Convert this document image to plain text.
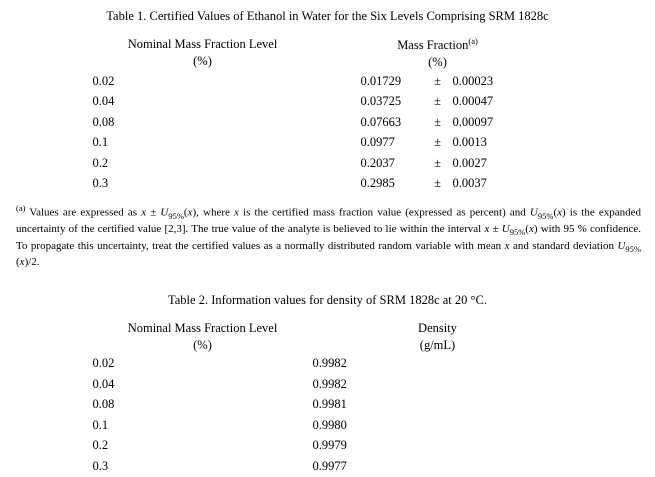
Table 1. Certified Values of Ethanol in Water for the Six Levels Comprising SRM 1828c
Nominal Mass Fraction Level
(%)

Mass Fraction$^{(a)}$
(%)

0.02	0.01729 ± 0.00023

0.04	0.03725 ± 0.00047

0.08	0.07663 ± 0.00097

0.1	0.0977 ± 0.0013

0.2	0.2037 ± 0.0027

0.3	0.2985 ± 0.0037

$^{(a)}$ Values are expressed as $x \pm U_{95\%}(x)$, where x is the certified mass fraction value (expressed as percent) and $U_{95\%}(x)$ is the expanded uncertainty of the certified value [2,3]. The true value of the analyte is believed to lie within the interval $x \pm U_{95\%}(x)$ with 95 % confidence. To propagate this uncertainty, treat the certified values as a normally distributed random variable with mean x and standard deviation $U_{95\%}(x)/2$.

Table 2. Information values for density of SRM 1828c at 20 °C.
Nominal Mass Fraction Level
(%)

Density
(g/mL)

0.02	0.9982
0.04	0.9982
0.08	0.9981
0.1	0.9980
0.2	0.9979
0.3	0.9977
